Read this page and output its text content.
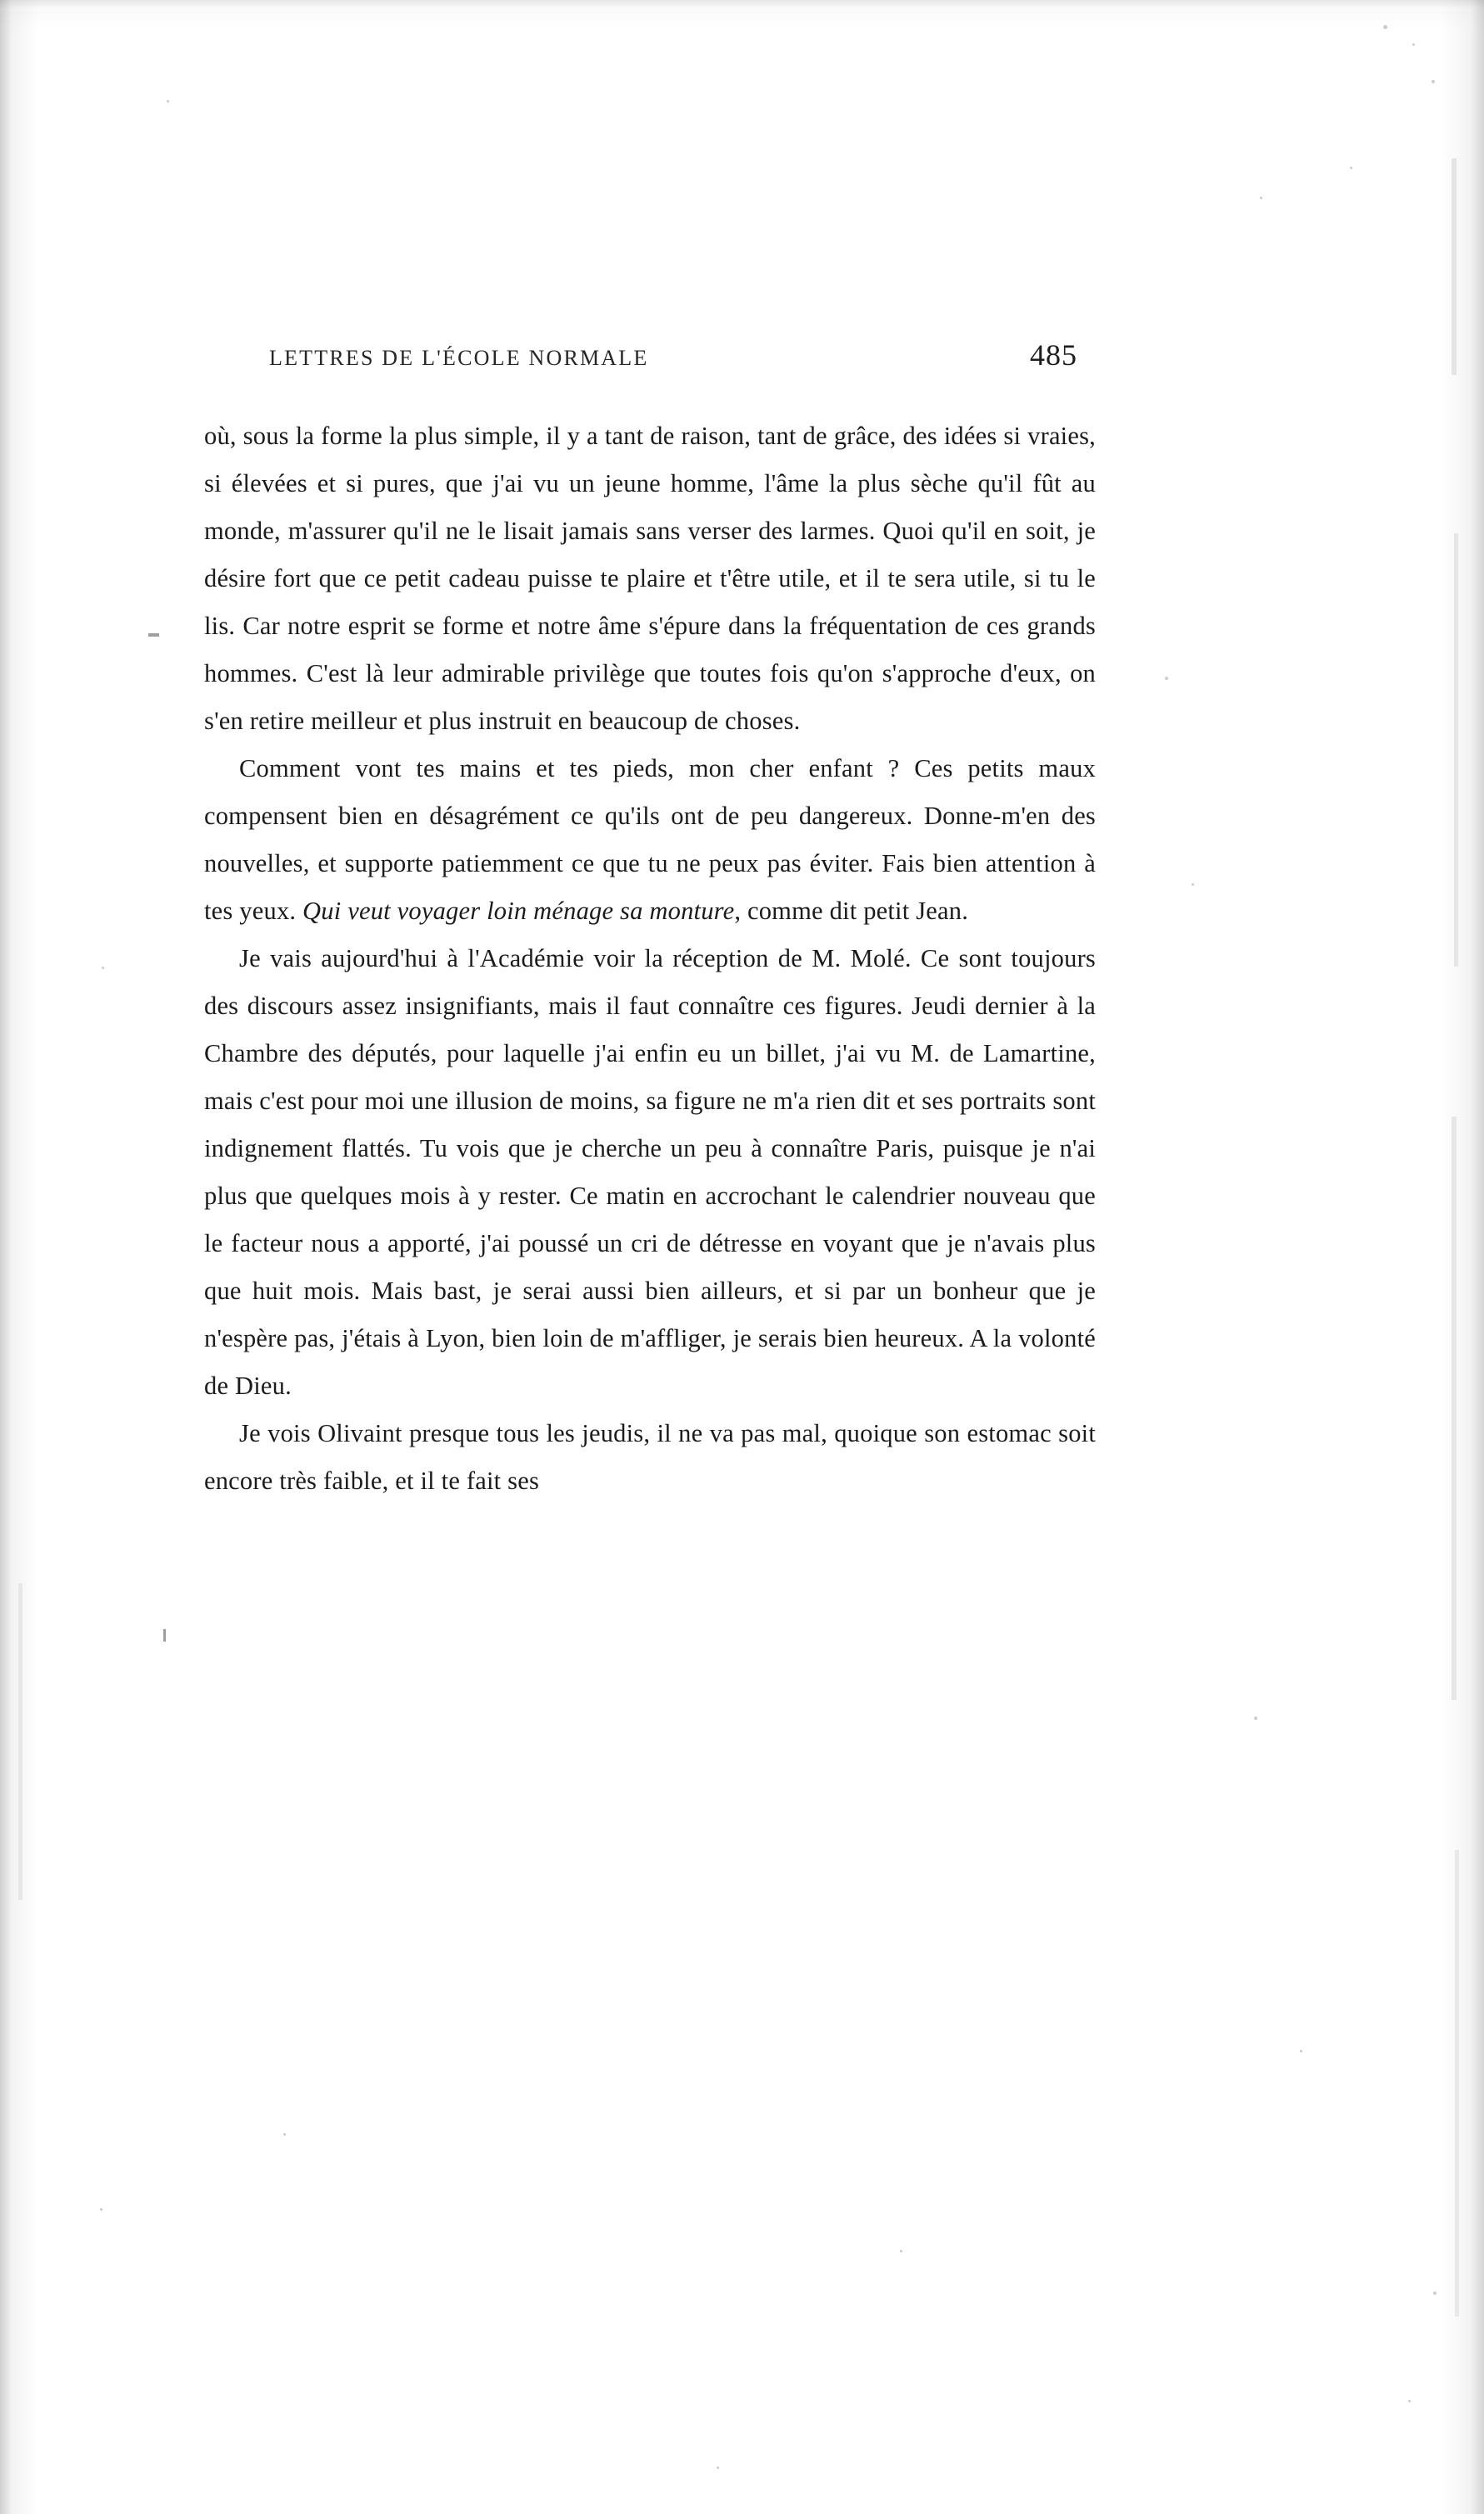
LETTRES DE L'ÉCOLE NORMALE	485

où, sous la forme la plus simple, il y a tant de raison, tant de grâce, des idées si vraies, si élevées et si pures, que j'ai vu un jeune homme, l'âme la plus sèche qu'il fût au monde, m'assurer qu'il ne le lisait jamais sans verser des larmes. Quoi qu'il en soit, je désire fort que ce petit cadeau puisse te plaire et t'être utile, et il te sera utile, si tu le lis. Car notre esprit se forme et notre âme s'épure dans la fréquentation de ces grands hommes. C'est là leur admirable privilège que toutes fois qu'on s'approche d'eux, on s'en retire meilleur et plus instruit en beaucoup de choses.

Comment vont tes mains et tes pieds, mon cher enfant ? Ces petits maux compensent bien en désagrément ce qu'ils ont de peu dangereux. Donne-m'en des nouvelles, et supporte patiemment ce que tu ne peux pas éviter. Fais bien attention à tes yeux. Qui veut voyager loin ménage sa monture, comme dit petit Jean.

Je vais aujourd'hui à l'Académie voir la réception de M. Molé. Ce sont toujours des discours assez insignifiants, mais il faut connaître ces figures. Jeudi dernier à la Chambre des députés, pour laquelle j'ai enfin eu un billet, j'ai vu M. de Lamartine, mais c'est pour moi une illusion de moins, sa figure ne m'a rien dit et ses portraits sont indignement flattés. Tu vois que je cherche un peu à connaître Paris, puisque je n'ai plus que quelques mois à y rester. Ce matin en accrochant le calendrier nouveau que le facteur nous a apporté, j'ai poussé un cri de détresse en voyant que je n'avais plus que huit mois. Mais bast, je serai aussi bien ailleurs, et si par un bonheur que je n'espère pas, j'étais à Lyon, bien loin de m'affliger, je serais bien heureux. A la volonté de Dieu.

Je vois Olivaint presque tous les jeudis, il ne va pas mal, quoique son estomac soit encore très faible, et il te fait ses
